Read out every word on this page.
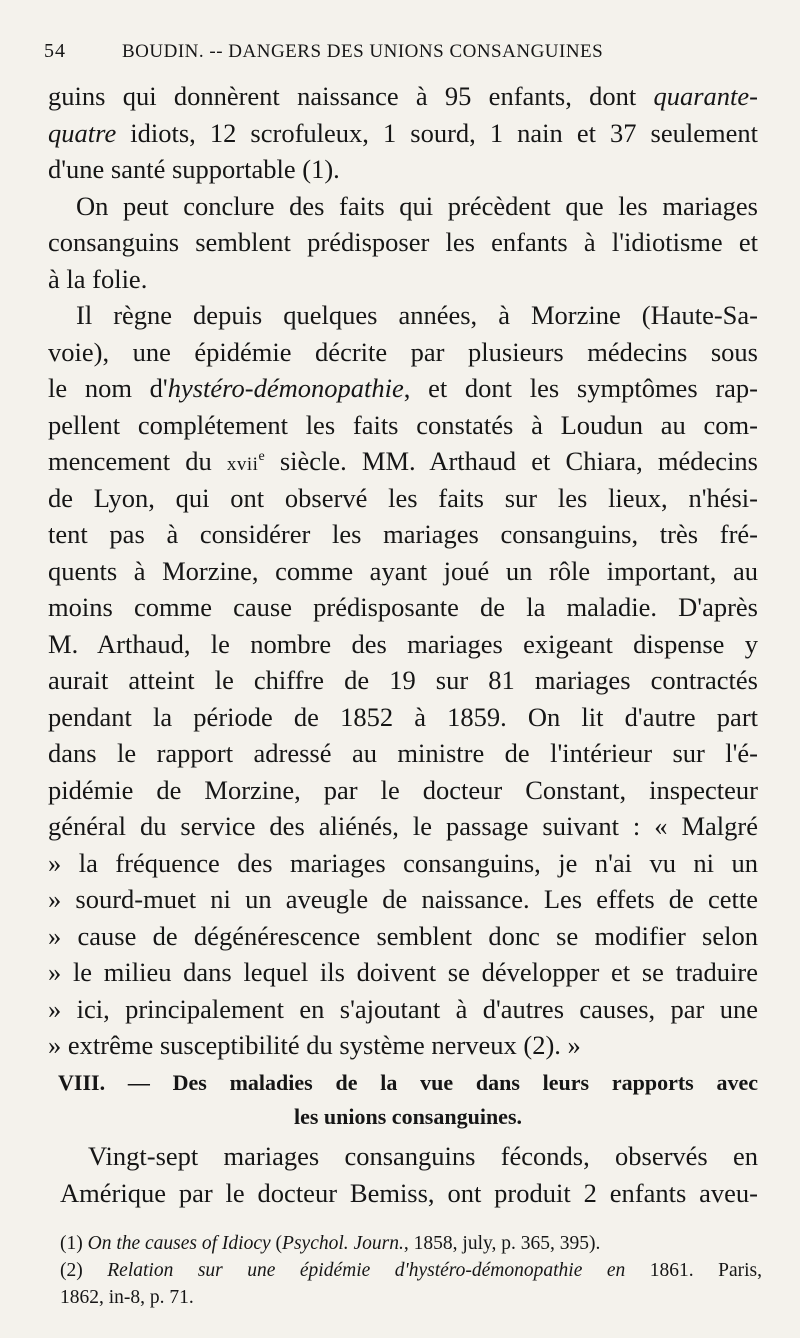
54	BOUDIN. -- DANGERS DES UNIONS CONSANGUINES
guins qui donnèrent naissance à 95 enfants, dont quarante-
quatre idiots, 12 scrofuleux, 1 sourd, 1 nain et 37 seulement
d'une santé supportable (1).
On peut conclure des faits qui précèdent que les mariages
consanguins semblent prédisposer les enfants à l'idiotisme et
à la folie.
Il règne depuis quelques années, à Morzine (Haute-Sa-
voie), une épidémie décrite par plusieurs médecins sous
le nom d'hystéro-démonopathie, et dont les symptômes rap-
pellent complétement les faits constatés à Loudun au com-
mencement du xvii$^e$ siècle. MM. Arthaud et Chiara, médecins
de Lyon, qui ont observé les faits sur les lieux, n'hési-
tent pas à considérer les mariages consanguins, très fré-
quents à Morzine, comme ayant joué un rôle important, au
moins comme cause prédisposante de la maladie. D'après
M. Arthaud, le nombre des mariages exigeant dispense y
aurait atteint le chiffre de 19 sur 81 mariages contractés
pendant la période de 1852 à 1859. On lit d'autre part
dans le rapport adressé au ministre de l'intérieur sur l'é-
pidémie de Morzine, par le docteur Constant, inspecteur
général du service des aliénés, le passage suivant : « Malgré
» la fréquence des mariages consanguins, je n'ai vu ni un
» sourd-muet ni un aveugle de naissance. Les effets de cette
» cause de dégénérescence semblent donc se modifier selon
» le milieu dans lequel ils doivent se développer et se traduire
» ici, principalement en s'ajoutant à d'autres causes, par une
» extrême susceptibilité du système nerveux (2). »
VIII. — Des maladies de la vue dans leurs rapports avec
les unions consanguines.
Vingt-sept mariages consanguins féconds, observés en
Amérique par le docteur Bemiss, ont produit 2 enfants aveu-
(1) On the causes of Idiocy (Psychol. Journ., 1858, july, p. 365, 395).
(2) Relation sur une épidémie d'hystéro-démonopathie en 1861. Paris,
1862, in-8, p. 71.
